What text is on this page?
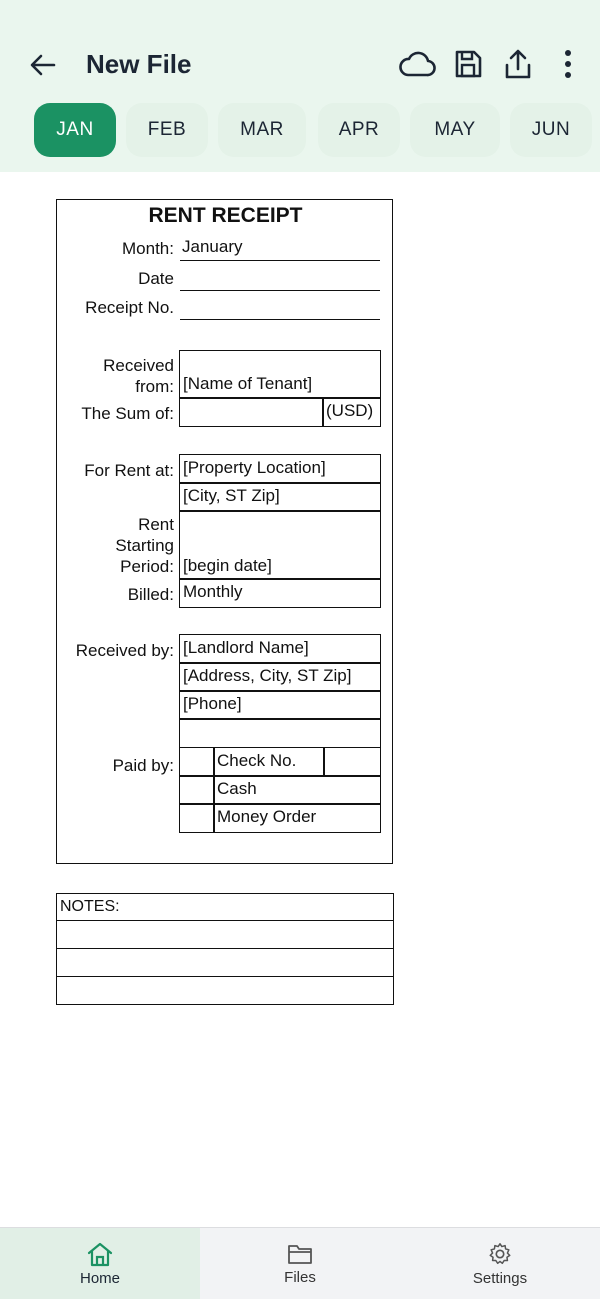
New File
JAN	FEB	MAR	APR	MAY	JUN
RENT RECEIPT
Month: January
Date
Receipt No.
Received
from: [Name of Tenant]
The Sum of:	(USD)
For Rent at: [Property Location]
[City, ST Zip]
Rent
Starting
Period: [begin date]
Billed: Monthly
Received by: [Landlord Name]
[Address, City, ST Zip]
[Phone]
Paid by:	Check No.
Cash
Money Order
NOTES:
Home	Files	Settings
